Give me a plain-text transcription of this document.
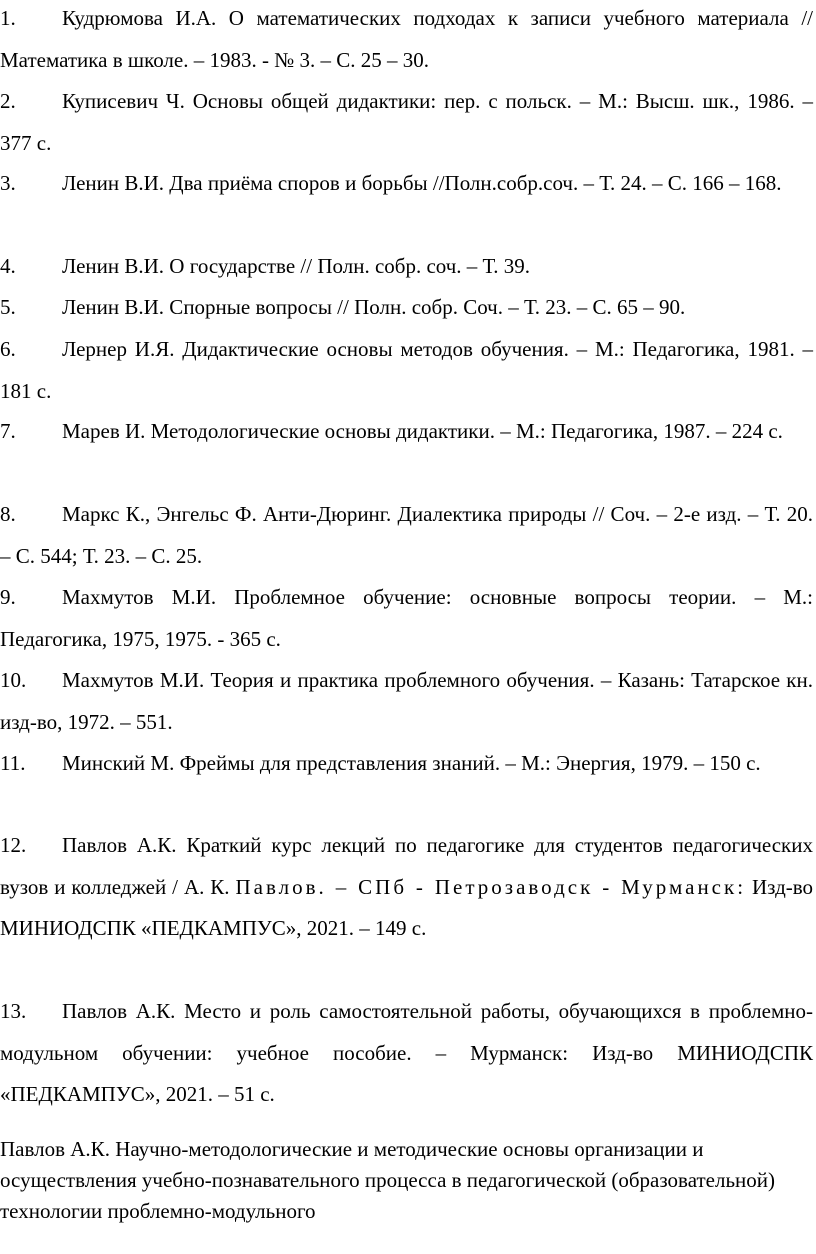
1. Кудрюмова И.А. О математических подходах к записи учебного материала // Математика в школе. – 1983. - № 3. – С. 25 – 30.

2. Куписевич Ч. Основы общей дидактики: пер. с польск. – М.: Высш. шк., 1986. – 377 с.

3. Ленин В.И. Два приёма споров и борьбы //Полн.собр.соч. – Т. 24. – С. 166 – 168.

4. Ленин В.И. О государстве // Полн. собр. соч. – Т. 39.

5. Ленин В.И. Спорные вопросы // Полн. собр. Соч. – Т. 23. – С. 65 – 90.

6. Лернер И.Я. Дидактические основы методов обучения. – М.: Педагогика, 1981. – 181 с.

7. Марев И. Методологические основы дидактики. – М.: Педагогика, 1987. – 224 с.

8. Маркс К., Энгельс Ф. Анти-Дюринг. Диалектика природы // Соч. – 2-е изд. – Т. 20. – С. 544; Т. 23. – С. 25.

9. Махмутов М.И. Проблемное обучение: основные вопросы теории. – М.: Педагогика, 1975, 1975. - 365 с.

10. Махмутов М.И. Теория и практика проблемного обучения. – Казань: Татарское кн. изд-во, 1972. – 551.

11. Минский М. Фреймы для представления знаний. – М.: Энергия, 1979. – 150 с.

12. Павлов А.К. Краткий курс лекций по педагогике для студентов педагогических вузов и колледжей / А. К. Павлов. – СПб - Петрозаводск - Мурманск: Изд-во МИНИОДСПК «ПЕДКАМПУС», 2021. – 149 с.

13. Павлов А.К. Место и роль самостоятельной работы, обучающихся в проблемно-модульном обучении: учебное пособие. – Мурманск: Изд-во МИНИОДСПК «ПЕДКАМПУС», 2021. – 51 с.

Павлов А.К. Научно-методологические и методические основы организации и осуществления учебно-познавательного процесса в педагогической (образовательной) технологии проблемно-модульного
